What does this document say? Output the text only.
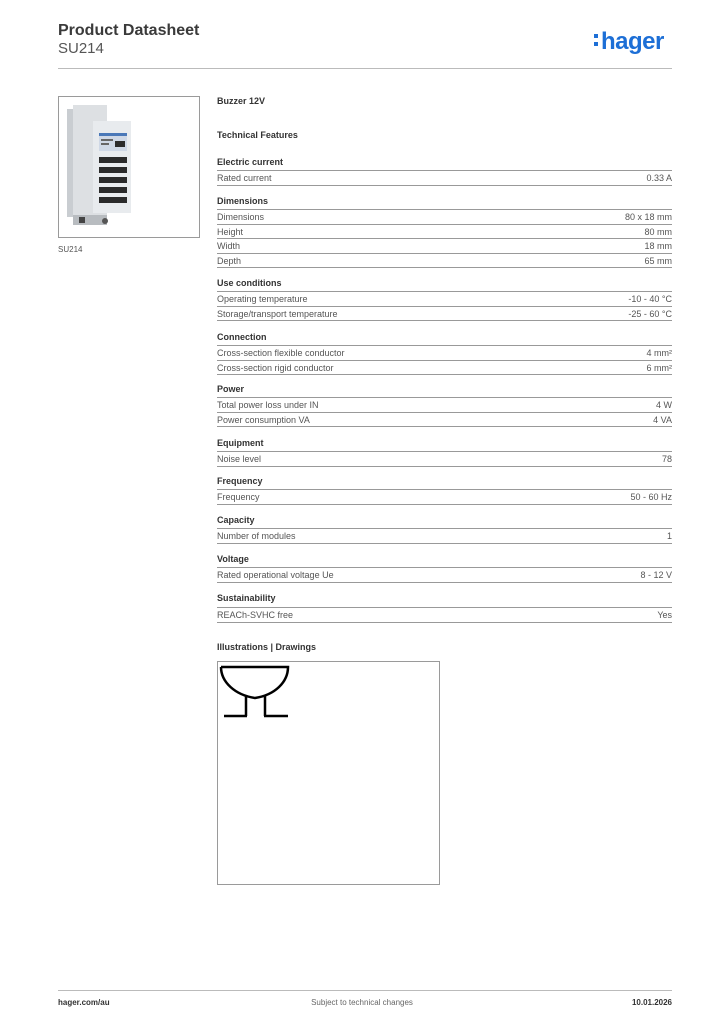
Product Datasheet
SU214	hager
SU214
Buzzer 12V
Technical Features
Electric current
Rated current	0.33 A
Dimensions
Dimensions	80 x 18 mm
Height	80 mm
Width	18 mm
Depth	65 mm
Use conditions
Operating temperature	-10 - 40 °C
Storage/transport temperature	-25 - 60 °C
Connection
Cross-section flexible conductor	4 mm²
Cross-section rigid conductor	6 mm²
Power
Total power loss under IN	4 W
Power consumption VA	4 VA
Equipment
Noise level	78
Frequency
Frequency	50 - 60 Hz
Capacity
Number of modules	1
Voltage
Rated operational voltage Ue	8 - 12 V
Sustainability
REACh-SVHC free	Yes
Illustrations | Drawings
hager.com/au	Subject to technical changes	10.01.2026
